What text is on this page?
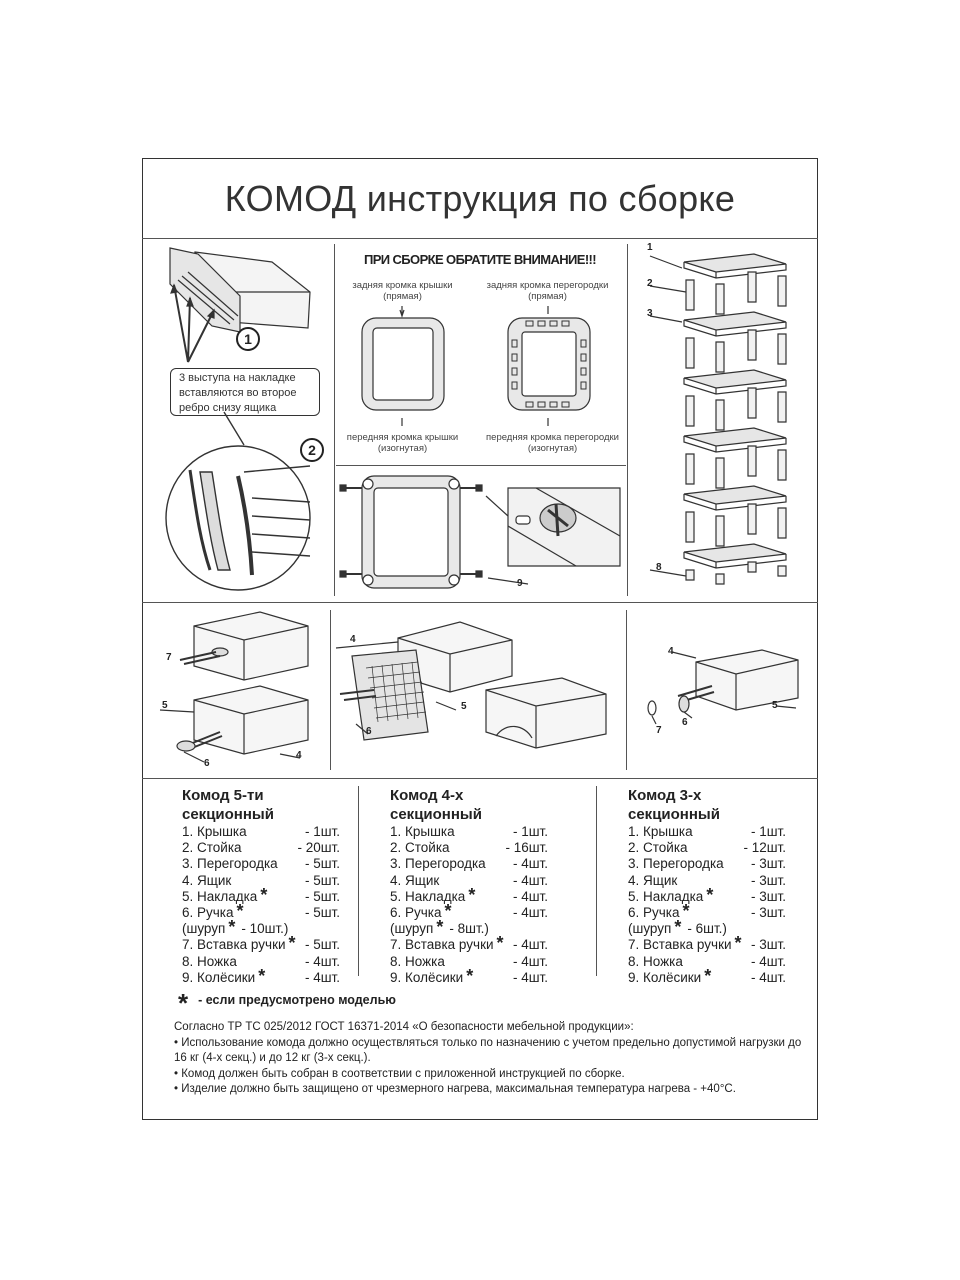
КОМОД инструкция по сборке
1
2
3 выступа на накладке вставляются во второе ребро снизу ящика
ПРИ СБОРКЕ ОБРАТИТЕ ВНИМАНИЕ!!!
задняя кромка крышки
(прямая)
задняя кромка перегородки
(прямая)
передняя кромка крышки
(изогнутая)
передняя кромка перегородки
(изогнутая)
1
2
3
8
9
7
5
6
4
4
6
5
4
6
7
5
Комод 5-ти
секционный
1. Крышка	- 1шт.
2. Стойка	- 20шт.
3. Перегородка - 5шт.
4. Ящик	- 5шт.
5. Накладка *	- 5шт.
6. Ручка *	- 5шт.
(шуруп * - 10шт.)
7. Вставка ручки * - 5шт.
8. Ножка	- 4шт.
9. Колёсики *	- 4шт.
Комод 4-х
секционный
1. Крышка	- 1шт.
2. Стойка	- 16шт.
3. Перегородка - 4шт.
4. Ящик	- 4шт.
5. Накладка *	- 4шт.
6. Ручка *	- 4шт.
(шуруп * - 8шт.)
7. Вставка ручки * - 4шт.
8. Ножка	- 4шт.
9. Колёсики *	- 4шт.
Комод 3-х
секционный
1. Крышка	- 1шт.
2. Стойка	- 12шт.
3. Перегородка - 3шт.
4. Ящик	- 3шт.
5. Накладка *	- 3шт.
6. Ручка *	- 3шт.
(шуруп * - 6шт.)
7. Вставка ручки * - 3шт.
8. Ножка	- 4шт.
9. Колёсики *	- 4шт.
* - если предусмотрено моделью
Согласно ТР ТС 025/2012 ГОСТ 16371-2014 «О безопасности мебельной продукции»:
• Использование комода должно осуществляться только по назначению с учетом предельно допустимой нагрузки до 16 кг (4-х секц.) и до 12 кг (3-х секц.).
• Комод должен быть собран в соответствии с приложенной инструкцией по сборке.
• Изделие должно быть защищено от чрезмерного нагрева, максимальная температура нагрева - +40°С.
